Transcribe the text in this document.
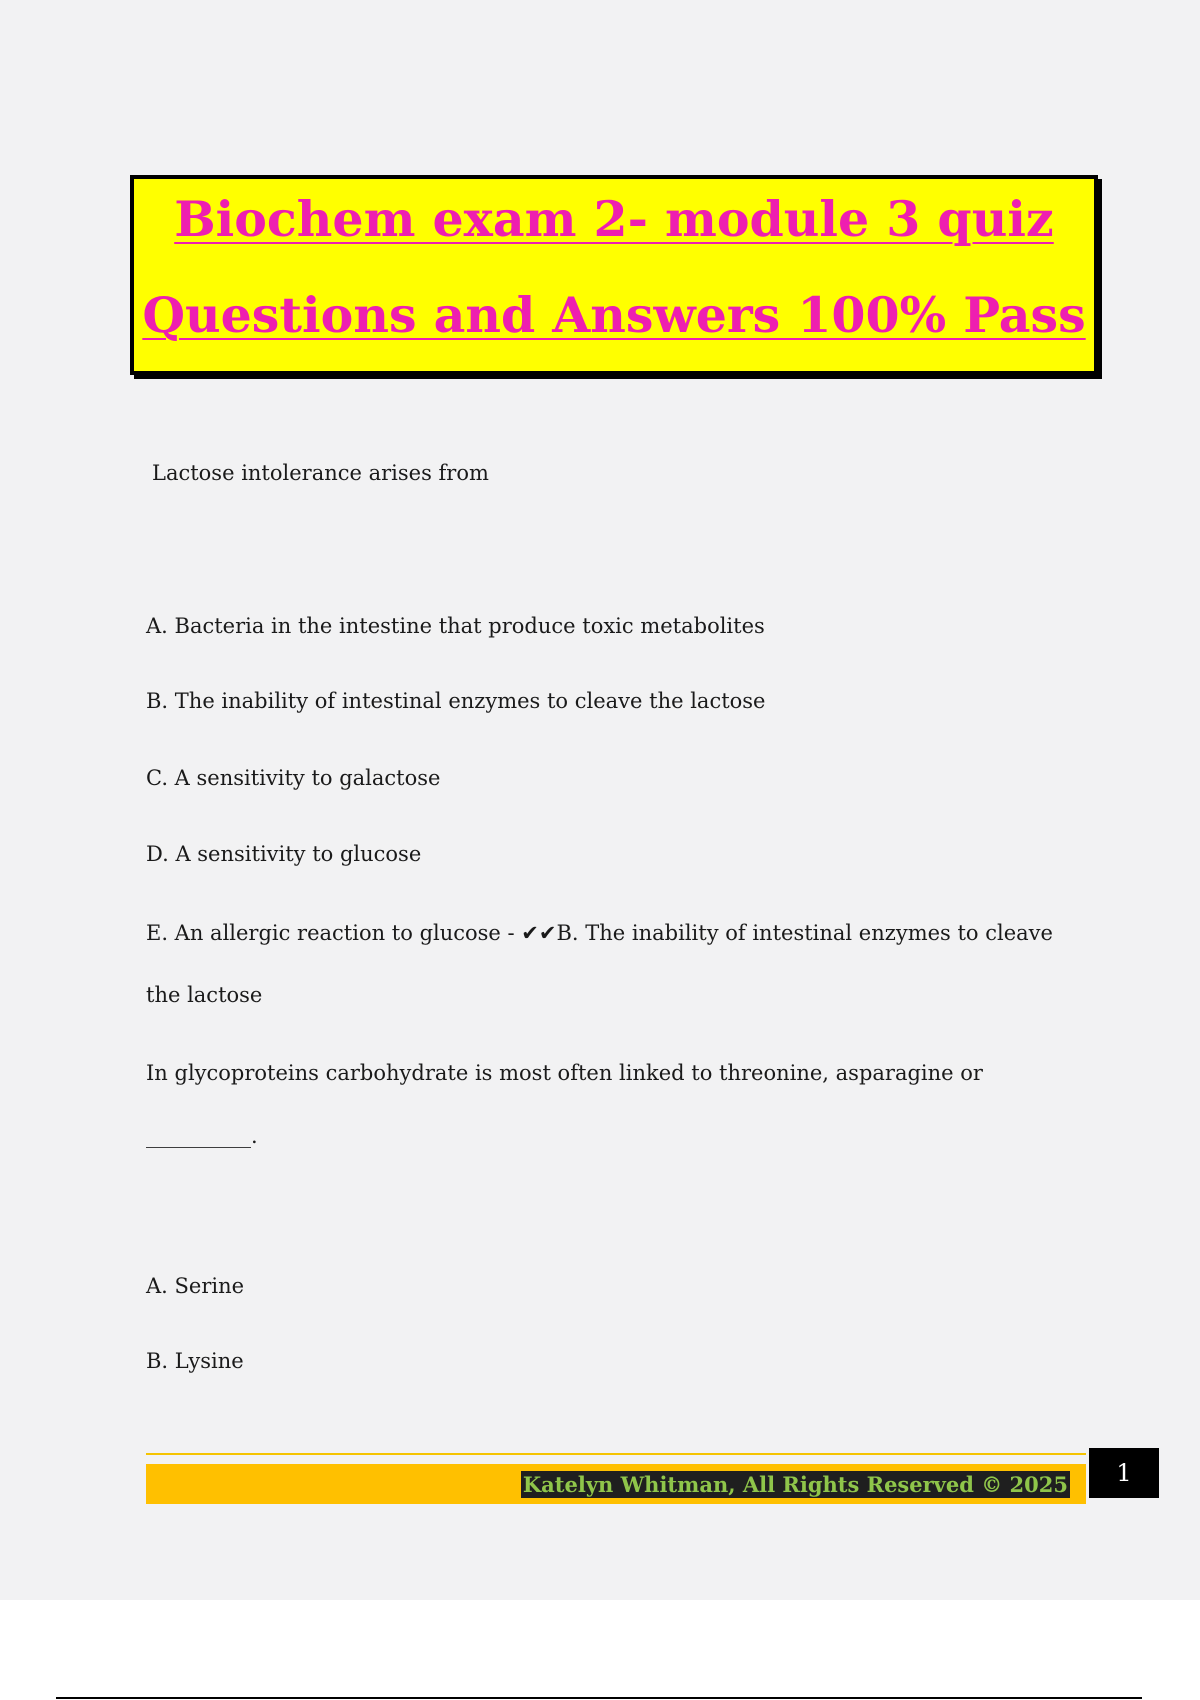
Biochem exam 2- module 3 quiz
Questions and Answers 100% Pass
Lactose intolerance arises from
A. Bacteria in the intestine that produce toxic metabolites
B. The inability of intestinal enzymes to cleave the lactose
C. A sensitivity to galactose
D. A sensitivity to glucose
E. An allergic reaction to glucose - ✔✔B. The inability of intestinal enzymes to cleave
the lactose
In glycoproteins carbohydrate is most often linked to threonine, asparagine or
__________.
A. Serine
B. Lysine
Katelyn Whitman, All Rights Reserved © 2025	1
